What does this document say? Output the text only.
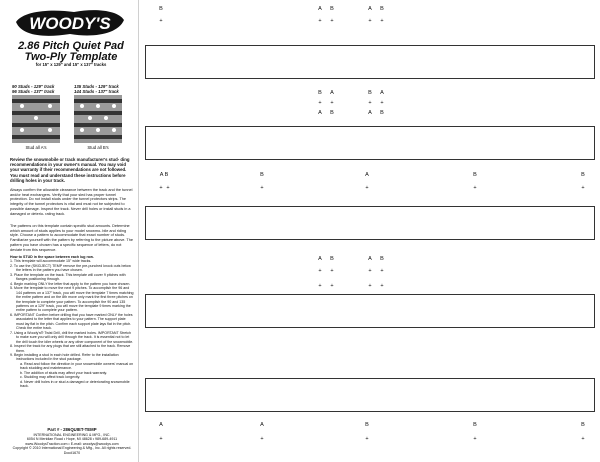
WOODY'S
2.86 Pitch Quiet Pad
Two-Ply Template
for 15" x 129" and 15" x 137" tracks
90 Studs - 129" track
96 Studs - 137" track
135 Studs - 129" track
144 Studs - 137" track
Stud all A's	Stud all B's
Review the snowmobile or track manufacturer's stud- ding recommendations in your owner's manual. You may void your warranty if their recommendations are not followed. You must read and understand these instructions before drilling holes in your track.
Always confirm the allowable clearance between the track and the tunnel and/or heat exchangers. Verify that your sled has proper tunnel protection. Do not install studs under the tunnel protectors strips. The integrity of the tunnel protectors is vital and must not be subjected to possible damage. Inspect the track. Never drill holes or install studs in a damaged or deterio- rating track.
The patterns on this template contain specific stud amounts. Determine which amount of studs applies to your model snowmo- bile and riding style. Choose a pattern to accommodate that exact number of studs. Familiarize yourself with the pattern by referring to the picture above. The pattern you have chosen has a specific sequence of letters, do not deviate from this sequence.
How to STUD in the space between each lug row.
1. This template will accommodate 15" wide tracks.
2. To use the (SKIDJECT) TEMP remove the pre-punched knock outs below the letters in the pattern you have chosen.
3. Place the template on the track. This template will cover 9 pitches with flanges positioning through.
4. Begin marking ONLY the letter that apply to the pattern you have chosen.
5. Move the template to move the next 9 pitches. To accomplish the 96 and 144 patterns on a 137" track, you will move the template 7 times matching the entire pattern and on the 8th move only mark the first three pitches on the template to complete your pattern. To accomplish the 90 and 135 patterns on a 129" track, you will move the template 9 times marking the entire pattern to complete your pattern.
6. IMPORTANT Confirm before drilling that you have marked ONLY the holes associated to the letter that applies to your pattern. The support plate must lay flat in the pitch. Confirm each support plate lays flat in the pitch. Check the entire track.
7. Using a Woody's® Twist Drill, drill the marked holes. IMPORTANT Stretch to make sure you will only drill through the track. It is essential not to let the drill touch the idler wheels or any other component of the snowmobile.
8. Inspect the track for any plugs that are still attached to the track. Remove them.
9. Begin installing a stud in each hole drilled. Refer to the installation instructions included in the stud package.
a. Read and follow the direction in your snowmobile owners' manual on track studding and maintenance.
b. The addition of studs may affect your track warranty.
c. Studding may affect track longevity.
d. Never drill holes in or stud a damaged or deteriorating snowmobile track.
Part # - 286QUIET-TEMP
INTERNATIONAL ENGINEERING & MFG., INC.
6054 N Meridian Road • Hope, MI 48628 • 989-689-4911
www.WoodysTraction.com • E-mail: woodys@woodys.com
Copyright © 2010 International Engineering & Mfg., Inc. All rights reserved.
Doc#1670
B	A	B	A	B
+	+	+	+	+
B	A	B	A
+	+	+	+
A	B	A	B
A B	B	A	B	B
+ +	+	+	+	+
A	B	A	B
+	+	+	+
+	+	+	+
A	A	B	B	B
+	+	+	+	+
